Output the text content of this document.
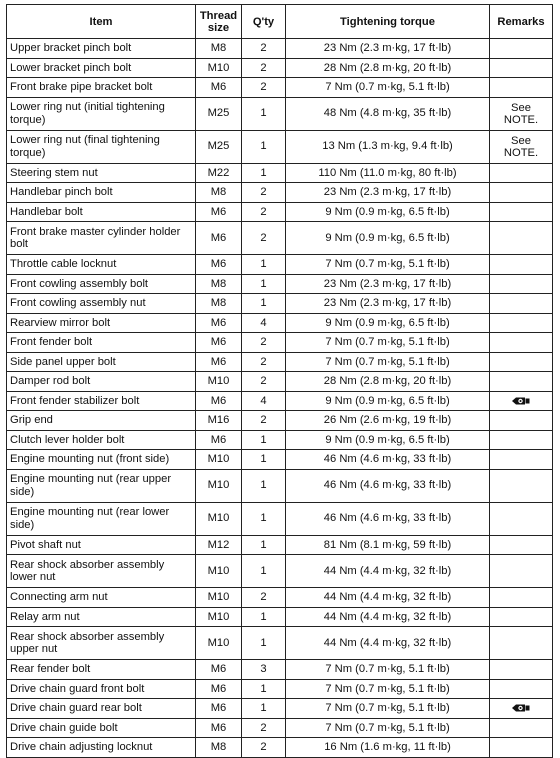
Item	Thread size	Q'ty	Tightening torque	Remarks
Upper bracket pinch bolt	M8	2	23 Nm (2.3 m·kg, 17 ft·lb)	
Lower bracket pinch bolt	M10	2	28 Nm (2.8 m·kg, 20 ft·lb)	
Front brake pipe bracket bolt	M6	2	7 Nm (0.7 m·kg, 5.1 ft·lb)	
Lower ring nut (initial tightening torque)	M25	1	48 Nm (4.8 m·kg, 35 ft·lb)	See
NOTE.

Lower ring nut (final tightening torque)	M25	1	13 Nm (1.3 m·kg, 9.4 ft·lb)	See
NOTE.

Steering stem nut	M22	1	110 Nm (11.0 m·kg, 80 ft·lb)	
Handlebar pinch bolt	M8	2	23 Nm (2.3 m·kg, 17 ft·lb)	
Handlebar bolt	M6	2	9 Nm (0.9 m·kg, 6.5 ft·lb)	
Front brake master cylinder holder bolt	M6	2	9 Nm (0.9 m·kg, 6.5 ft·lb)	
Throttle cable locknut	M6	1	7 Nm (0.7 m·kg, 5.1 ft·lb)	
Front cowling assembly bolt	M8	1	23 Nm (2.3 m·kg, 17 ft·lb)	
Front cowling assembly nut	M8	1	23 Nm (2.3 m·kg, 17 ft·lb)	
Rearview mirror bolt	M6	4	9 Nm (0.9 m·kg, 6.5 ft·lb)	
Front fender bolt	M6	2	7 Nm (0.7 m·kg, 5.1 ft·lb)	
Side panel upper bolt	M6	2	7 Nm (0.7 m·kg, 5.1 ft·lb)	
Damper rod bolt	M10	2	28 Nm (2.8 m·kg, 20 ft·lb)	
Front fender stabilizer bolt	M6	4	9 Nm (0.9 m·kg, 6.5 ft·lb)	
Grip end	M16	2	26 Nm (2.6 m·kg, 19 ft·lb)	
Clutch lever holder bolt	M6	1	9 Nm (0.9 m·kg, 6.5 ft·lb)	
Engine mounting nut (front side)	M10	1	46 Nm (4.6 m·kg, 33 ft·lb)	
Engine mounting nut (rear upper side)	M10	1	46 Nm (4.6 m·kg, 33 ft·lb)	
Engine mounting nut (rear lower side)	M10	1	46 Nm (4.6 m·kg, 33 ft·lb)	
Pivot shaft nut	M12	1	81 Nm (8.1 m·kg, 59 ft·lb)	
Rear shock absorber assembly lower nut	M10	1	44 Nm (4.4 m·kg, 32 ft·lb)	
Connecting arm nut	M10	2	44 Nm (4.4 m·kg, 32 ft·lb)	
Relay arm nut	M10	1	44 Nm (4.4 m·kg, 32 ft·lb)	
Rear shock absorber assembly upper nut	M10	1	44 Nm (4.4 m·kg, 32 ft·lb)	
Rear fender bolt	M6	3	7 Nm (0.7 m·kg, 5.1 ft·lb)	
Drive chain guard front bolt	M6	1	7 Nm (0.7 m·kg, 5.1 ft·lb)	
Drive chain guard rear bolt	M6	1	7 Nm (0.7 m·kg, 5.1 ft·lb)	
Drive chain guide bolt	M6	2	7 Nm (0.7 m·kg, 5.1 ft·lb)	
Drive chain adjusting locknut	M8	2	16 Nm (1.6 m·kg, 11 ft·lb)	
